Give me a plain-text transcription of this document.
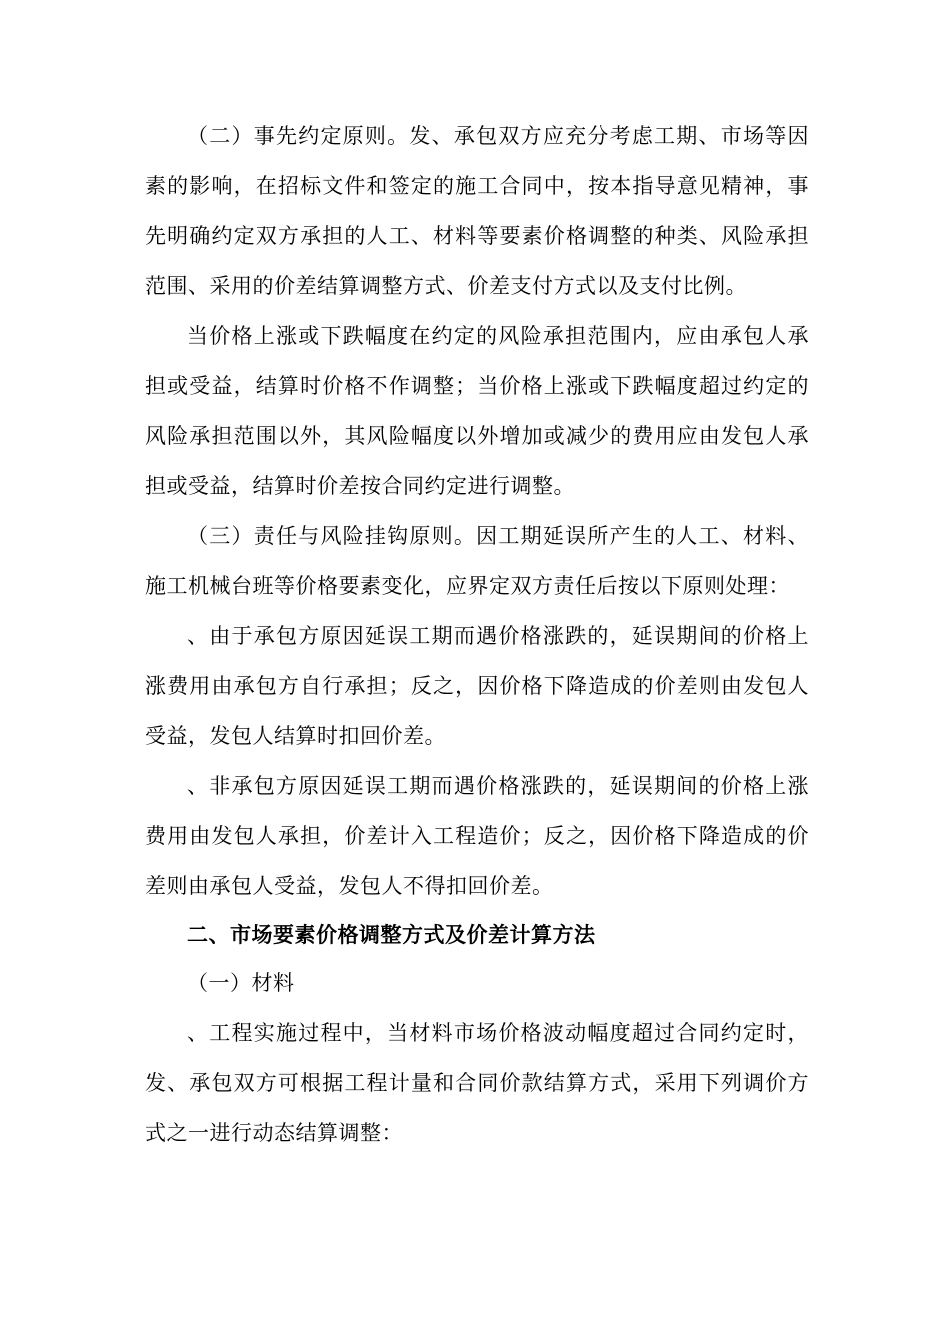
（二）事先约定原则。发、承包双方应充分考虑工期、市场等因素的影响，在招标文件和签定的施工合同中，按本指导意见精神，事先明确约定双方承担的人工、材料等要素价格调整的种类、风险承担范围、采用的价差结算调整方式、价差支付方式以及支付比例。

当价格上涨或下跌幅度在约定的风险承担范围内，应由承包人承担或受益，结算时价格不作调整；当价格上涨或下跌幅度超过约定的风险承担范围以外，其风险幅度以外增加或减少的费用应由发包人承担或受益，结算时价差按合同约定进行调整。

（三）责任与风险挂钩原则。因工期延误所产生的人工、材料、施工机械台班等价格要素变化，应界定双方责任后按以下原则处理：

、由于承包方原因延误工期而遇价格涨跌的，延误期间的价格上涨费用由承包方自行承担；反之，因价格下降造成的价差则由发包人受益，发包人结算时扣回价差。

、非承包方原因延误工期而遇价格涨跌的，延误期间的价格上涨费用由发包人承担，价差计入工程造价；反之，因价格下降造成的价差则由承包人受益，发包人不得扣回价差。

二、市场要素价格调整方式及价差计算方法

（一）材料

、工程实施过程中，当材料市场价格波动幅度超过合同约定时，发、承包双方可根据工程计量和合同价款结算方式，采用下列调价方式之一进行动态结算调整：
